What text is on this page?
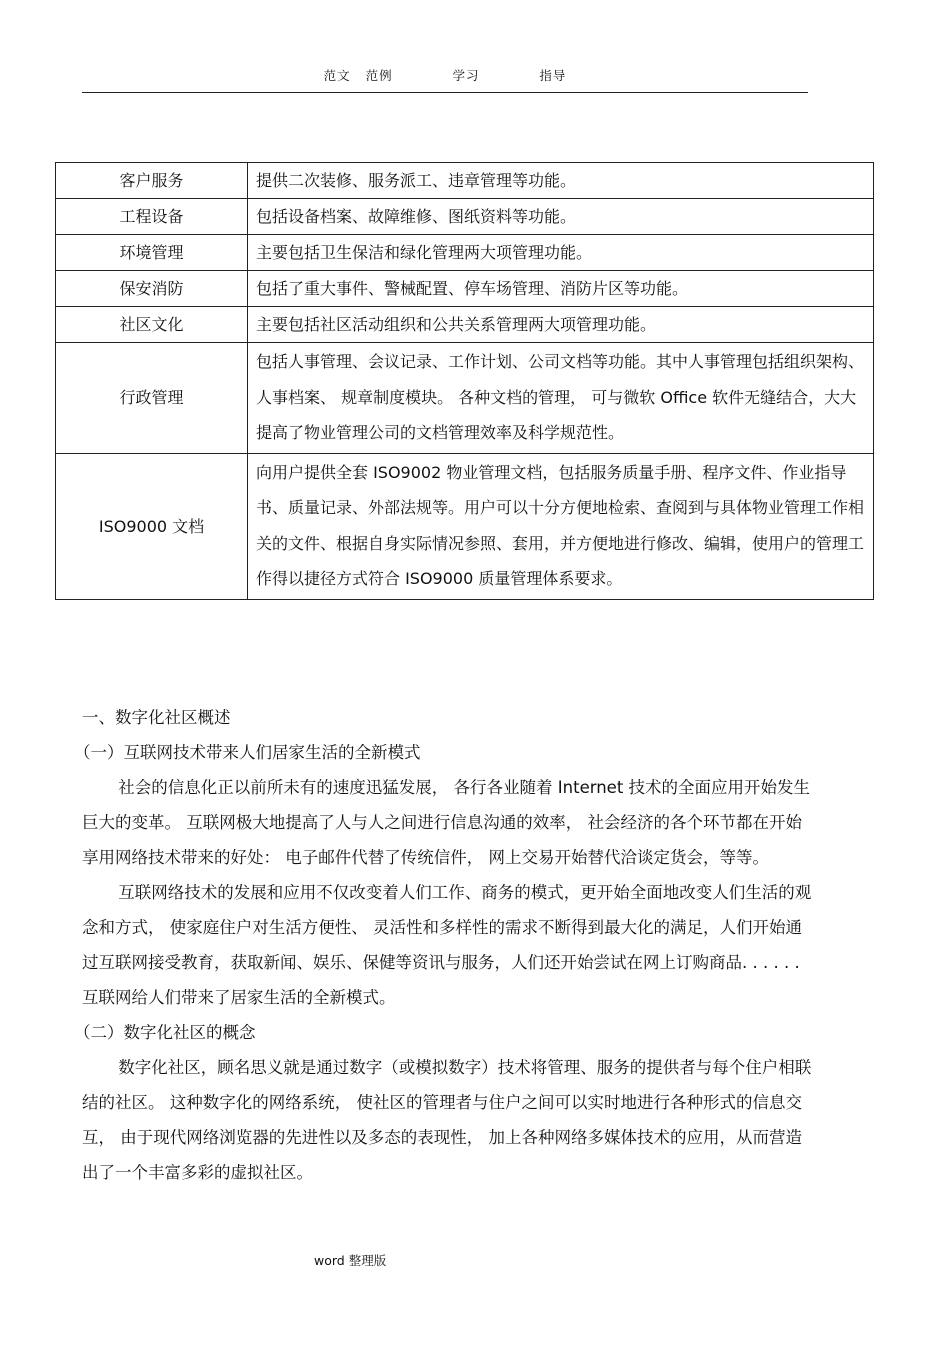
范文 范例    学习    指导
客户服务	提供二次装修、服务派工、违章管理等功能。
工程设备	包括设备档案、故障维修、图纸资料等功能。
环境管理	主要包括卫生保洁和绿化管理两大项管理功能。
保安消防	包括了重大事件、警械配置、停车场管理、消防片区等功能。
社区文化	主要包括社区活动组织和公共关系管理两大项管理功能。
行政管理	包括人事管理、会议记录、工作计划、公司文档等功能。其中人事管理包括组织架构、 人事档案、 规章制度模块。 各种文档的管理， 可与微软 Office 软件无缝结合，大大提高了物业管理公司的文档管理效率及科学规范性。
ISO9000 文档	向用户提供全套 ISO9002 物业管理文档，包括服务质量手册、程序文件、作业指导书、质量记录、外部法规等。用户可以十分方便地检索、查阅到与具体物业管理工作相关的文件、根据自身实际情况参照、套用，并方便地进行修改、编辑，使用户的管理工作得以捷径方式符合 ISO9000 质量管理体系要求。

一、数字化社区概述

（一）互联网技术带来人们居家生活的全新模式

社会的信息化正以前所未有的速度迅猛发展， 各行各业随着 Internet 技术的全面应用开始发生巨大的变革。 互联网极大地提高了人与人之间进行信息沟通的效率， 社会经济的各个环节都在开始享用网络技术带来的好处： 电子邮件代替了传统信件， 网上交易开始替代洽谈定货会，等等。

互联网络技术的发展和应用不仅改变着人们工作、商务的模式，更开始全面地改变人们生活的观念和方式， 使家庭住户对生活方便性、 灵活性和多样性的需求不断得到最大化的满足，人们开始通过互联网接受教育，获取新闻、娱乐、保健等资讯与服务，人们还开始尝试在网上订购商品. . . . . . 互联网给人们带来了居家生活的全新模式。

（二）数字化社区的概念

数字化社区，顾名思义就是通过数字（或模拟数字）技术将管理、服务的提供者与每个住户相联结的社区。 这种数字化的网络系统， 使社区的管理者与住户之间可以实时地进行各种形式的信息交互， 由于现代网络浏览器的先进性以及多态的表现性， 加上各种网络多媒体技术的应用，从而营造出了一个丰富多彩的虚拟社区。

word 整理版
